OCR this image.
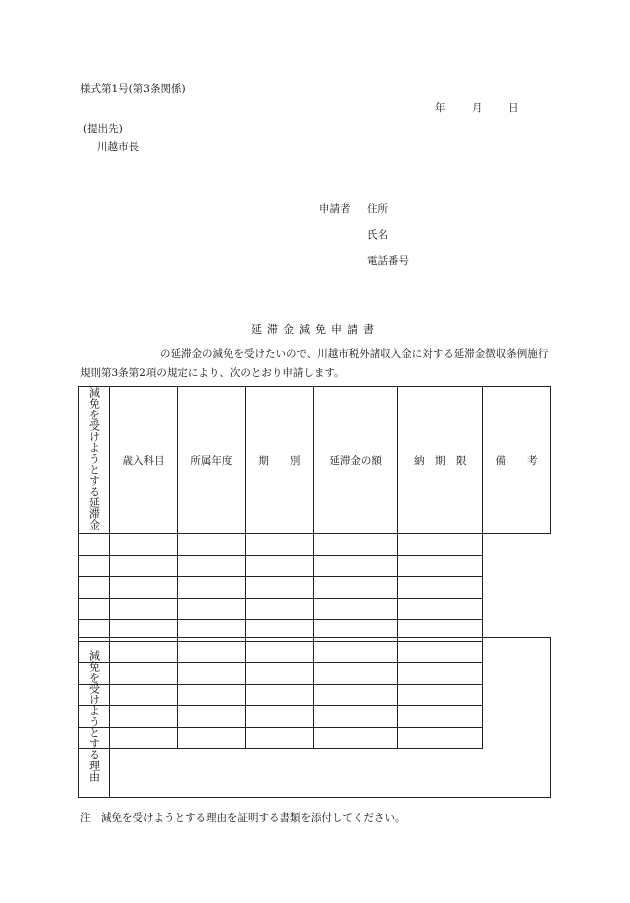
様式第1号(第3条関係)
年	月 日
(提出先)
川越市長
申請者 住所
氏名
電話番号
延滞金減免申請書
の延滞金の減免を受けたいので、川越市税外諸収入金に対する延滞金徴収条例施行規則第3条第2項の規定により、次のとおり申請します。
減免を受けようとする延滞金	歳入科目	所属年度	期　　別	延滞金の額	納　期　限	備　　考

減免を受けようとする理由	
注 減免を受けようとする理由を証明する書類を添付してください。
